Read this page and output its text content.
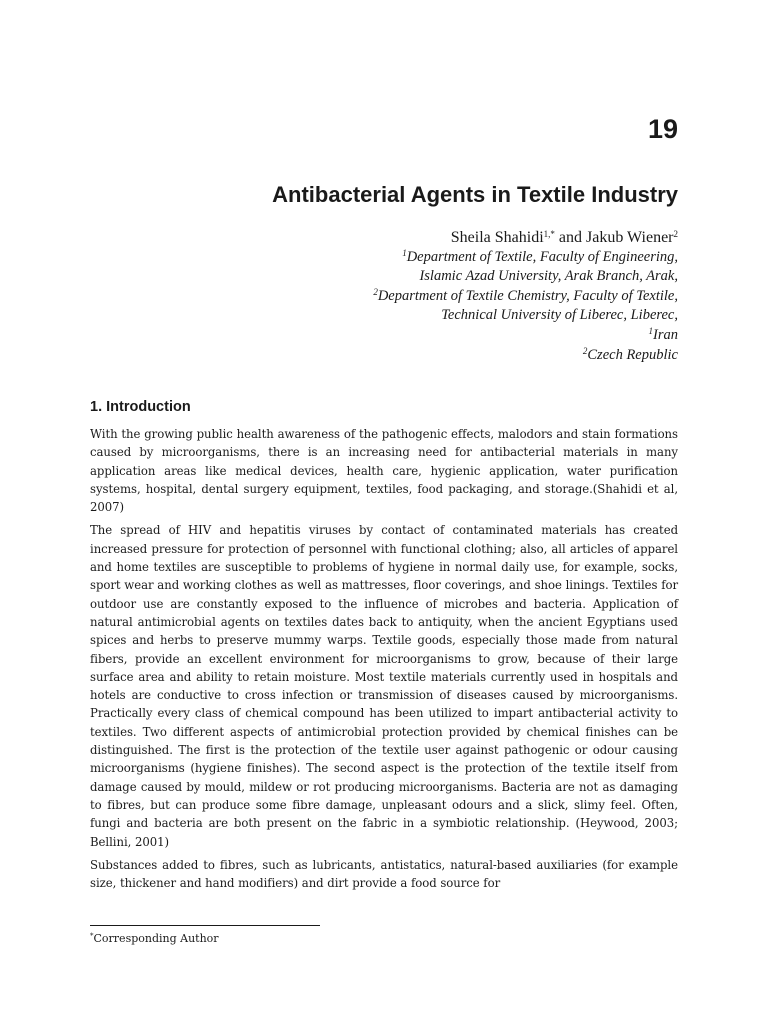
19
Antibacterial Agents in Textile Industry
Sheila Shahidi$^{1,*}$ and Jakub Wiener$^2$
$^1$Department of Textile, Faculty of Engineering,
Islamic Azad University, Arak Branch, Arak,
$^2$Department of Textile Chemistry, Faculty of Textile,
Technical University of Liberec, Liberec,
$^1$Iran
$^2$Czech Republic
1. Introduction

With the growing public health awareness of the pathogenic effects, malodors and stain formations caused by microorganisms, there is an increasing need for antibacterial materials in many application areas like medical devices, health care, hygienic application, water purification systems, hospital, dental surgery equipment, textiles, food packaging, and storage.(Shahidi et al, 2007)

The spread of HIV and hepatitis viruses by contact of contaminated materials has created increased pressure for protection of personnel with functional clothing; also, all articles of apparel and home textiles are susceptible to problems of hygiene in normal daily use, for example, socks, sport wear and working clothes as well as mattresses, floor coverings, and shoe linings. Textiles for outdoor use are constantly exposed to the influence of microbes and bacteria. Application of natural antimicrobial agents on textiles dates back to antiquity, when the ancient Egyptians used spices and herbs to preserve mummy warps. Textile goods, especially those made from natural fibers, provide an excellent environment for microorganisms to grow, because of their large surface area and ability to retain moisture. Most textile materials currently used in hospitals and hotels are conductive to cross infection or transmission of diseases caused by microorganisms. Practically every class of chemical compound has been utilized to impart antibacterial activity to textiles. Two different aspects of antimicrobial protection provided by chemical finishes can be distinguished. The first is the protection of the textile user against pathogenic or odour causing microorganisms (hygiene finishes). The second aspect is the protection of the textile itself from damage caused by mould, mildew or rot producing microorganisms. Bacteria are not as damaging to fibres, but can produce some fibre damage, unpleasant odours and a slick, slimy feel. Often, fungi and bacteria are both present on the fabric in a symbiotic relationship. (Heywood, 2003; Bellini, 2001)

Substances added to fibres, such as lubricants, antistatics, natural-based auxiliaries (for example size, thickener and hand modifiers) and dirt provide a food source for

*Corresponding Author
